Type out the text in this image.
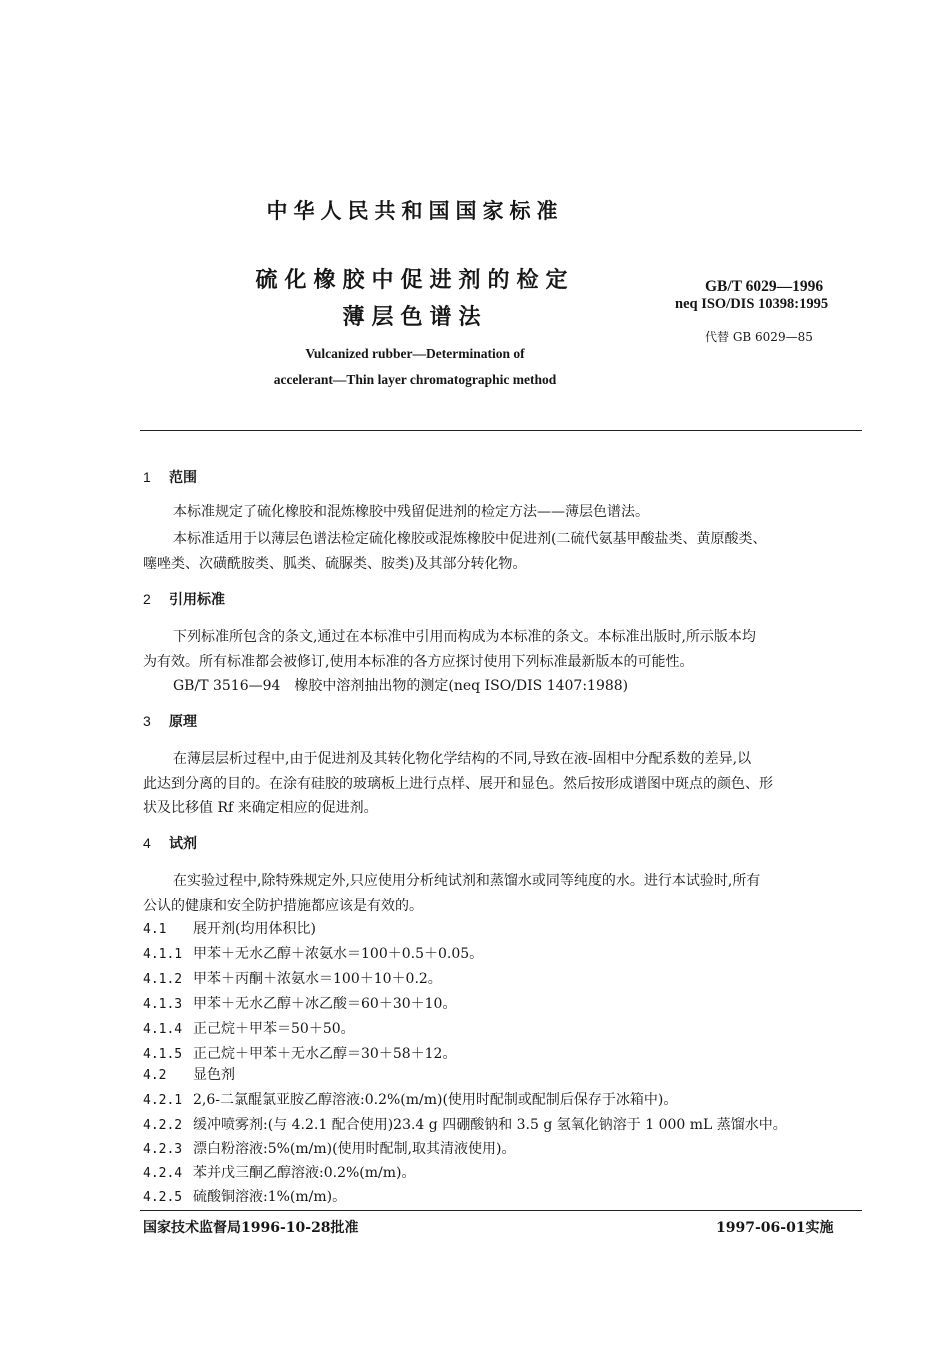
中华人民共和国国家标准
硫化橡胶中促进剂的检定
薄层色谱法
GB/T 6029—1996
neq ISO/DIS 10398:1995
代替 GB 6029—85
Vulcanized rubber—Determination of
accelerant—Thin layer chromatographic method
1 范围
本标准规定了硫化橡胶和混炼橡胶中残留促进剂的检定方法——薄层色谱法。
本标准适用于以薄层色谱法检定硫化橡胶或混炼橡胶中促进剂(二硫代氨基甲酸盐类、黄原酸类、
噻唑类、次磺酰胺类、胍类、硫脲类、胺类)及其部分转化物。
2 引用标准
下列标准所包含的条文,通过在本标准中引用而构成为本标准的条文。本标准出版时,所示版本均
为有效。所有标准都会被修订,使用本标准的各方应探讨使用下列标准最新版本的可能性。
GB/T 3516—94　橡胶中溶剂抽出物的测定(neq ISO/DIS 1407:1988)
3 原理
在薄层层析过程中,由于促进剂及其转化物化学结构的不同,导致在液-固相中分配系数的差异,以
此达到分离的目的。在涂有硅胶的玻璃板上进行点样、展开和显色。然后按形成谱图中斑点的颜色、形
状及比移值 Rf 来确定相应的促进剂。
4 试剂
在实验过程中,除特殊规定外,只应使用分析纯试剂和蒸馏水或同等纯度的水。进行本试验时,所有
公认的健康和安全防护措施都应该是有效的。
4.1 展开剂(均用体积比)
4.1.1 甲苯＋无水乙醇＋浓氨水＝100＋0.5＋0.05。
4.1.2 甲苯＋丙酮＋浓氨水＝100＋10＋0.2。
4.1.3 甲苯＋无水乙醇＋冰乙酸＝60＋30＋10。
4.1.4 正己烷＋甲苯＝50＋50。
4.1.5 正己烷＋甲苯＋无水乙醇＝30＋58＋12。
4.2 显色剂
4.2.1 2,6-二氯醌氯亚胺乙醇溶液:0.2%(m/m)(使用时配制或配制后保存于冰箱中)。
4.2.2 缓冲喷雾剂:(与 4.2.1 配合使用)23.4 g 四硼酸钠和 3.5 g 氢氧化钠溶于 1 000 mL 蒸馏水中。
4.2.3 漂白粉溶液:5%(m/m)(使用时配制,取其清液使用)。
4.2.4 苯并戊三酮乙醇溶液:0.2%(m/m)。
4.2.5 硫酸铜溶液:1%(m/m)。
国家技术监督局1996-10-28批准	1997-06-01实施
